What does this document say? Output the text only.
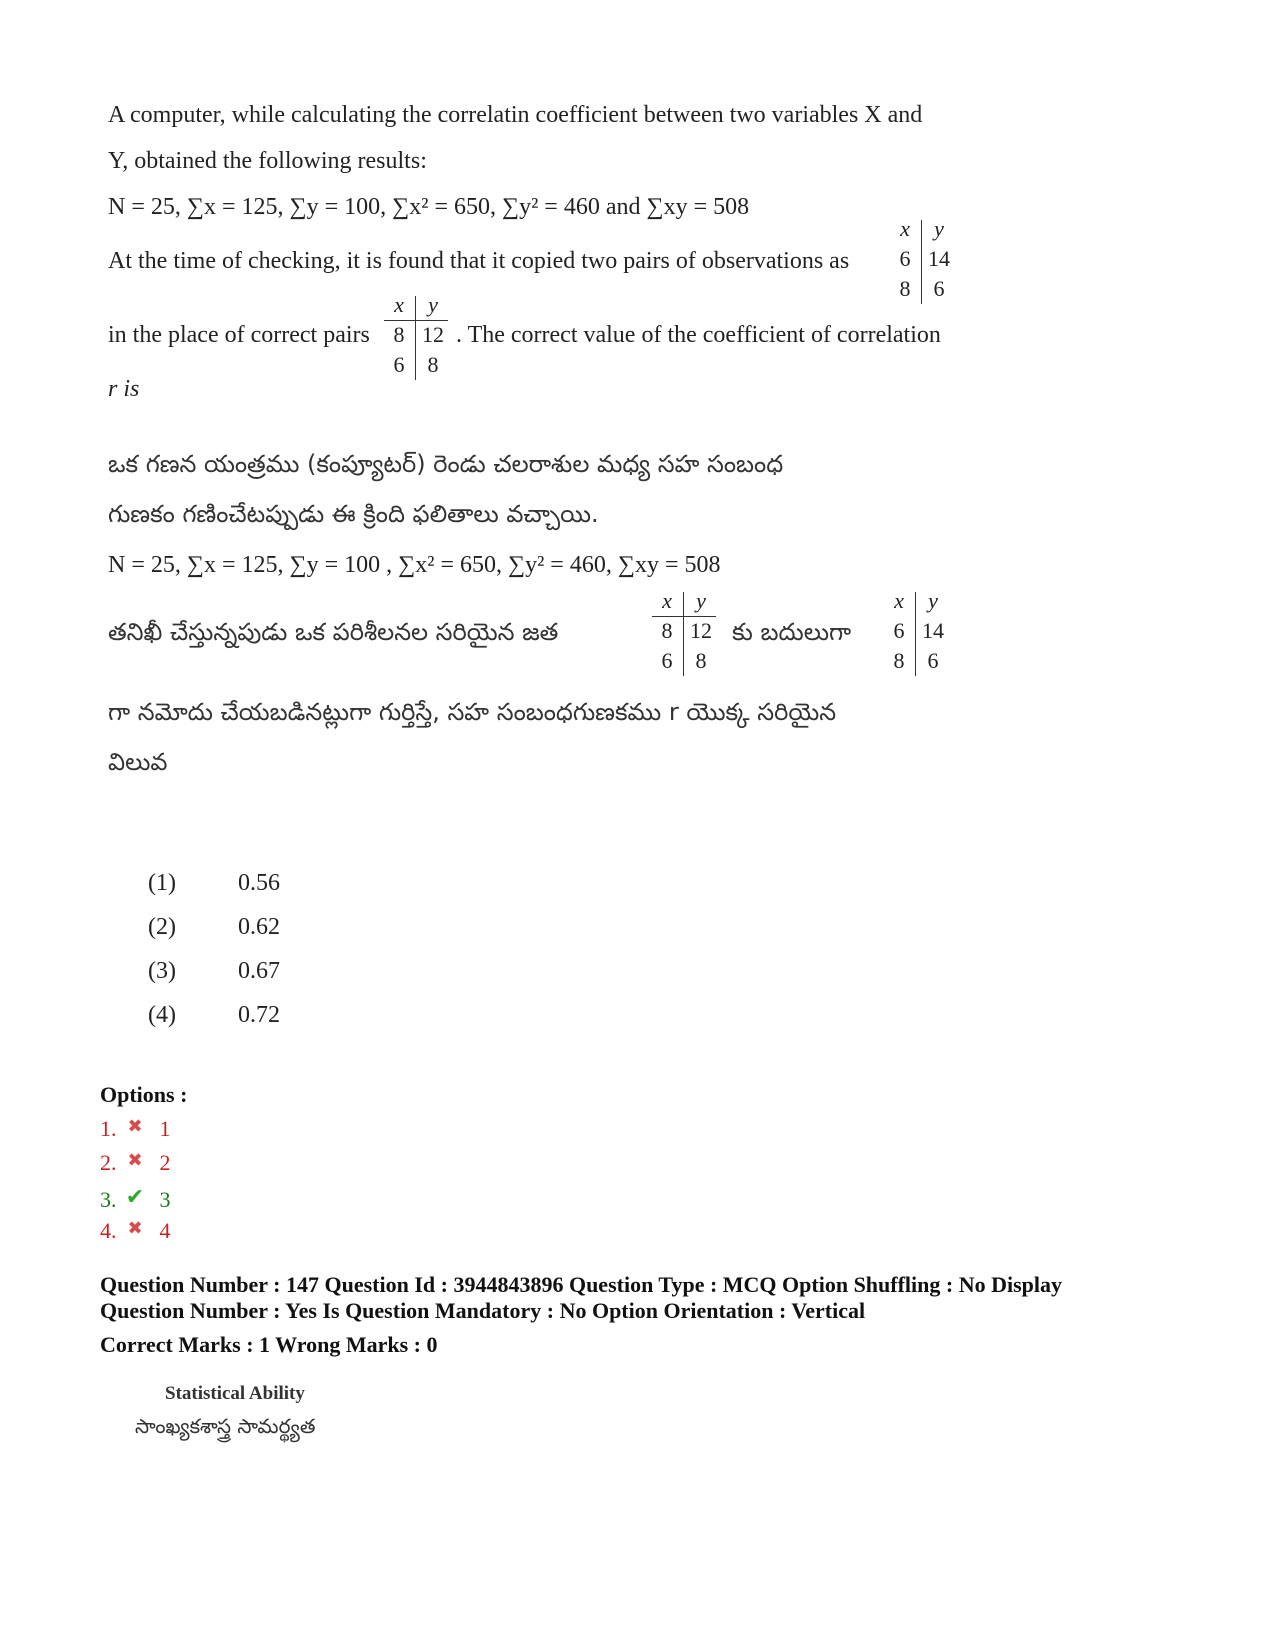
A computer, while calculating the correlatin coefficient between two variables X and
Y, obtained the following results:
N = 25, ∑x = 125, ∑y = 100, ∑x² = 650, ∑y² = 460 and ∑xy = 508
At the time of checking, it is found that it copied two pairs of observations as
x	y
6 14
8	6
in the place of correct pairs
x	y
8 12
6	8
. The correct value of the coefficient of correlation
r is
ఒక గణన యంత్రము (కంప్యూటర్) రెండు చలరాశుల మధ్య సహ సంబంధ
గుణకం గణించేటప్పుడు ఈ క్రింది ఫలితాలు వచ్చాయి.
N = 25, ∑x = 125, ∑y = 100 , ∑x² = 650, ∑y² = 460, ∑xy = 508
తనిఖీ చేస్తున్నపుడు ఒక పరిశీలనల సరియైన జత
x	y
8 12
6	8
కు బదులుగా
x	y
6 14
8	6
గా నమోదు చేయబడినట్లుగా గుర్తిస్తే, సహ సంబంధగుణకము r యొక్క సరియైన
విలువ
(1)	0.56
(2)	0.62
(3)	0.67
(4)	0.72
Options :
1. ✖ 1
2. ✖ 2
3. ✔ 3
4. ✖ 4
Question Number : 147 Question Id : 3944843896 Question Type : MCQ Option Shuffling : No Display
Question Number : Yes Is Question Mandatory : No Option Orientation : Vertical
Correct Marks : 1 Wrong Marks : 0
Statistical Ability
సాంఖ్యకశాస్త్ర సామర్థ్యత
